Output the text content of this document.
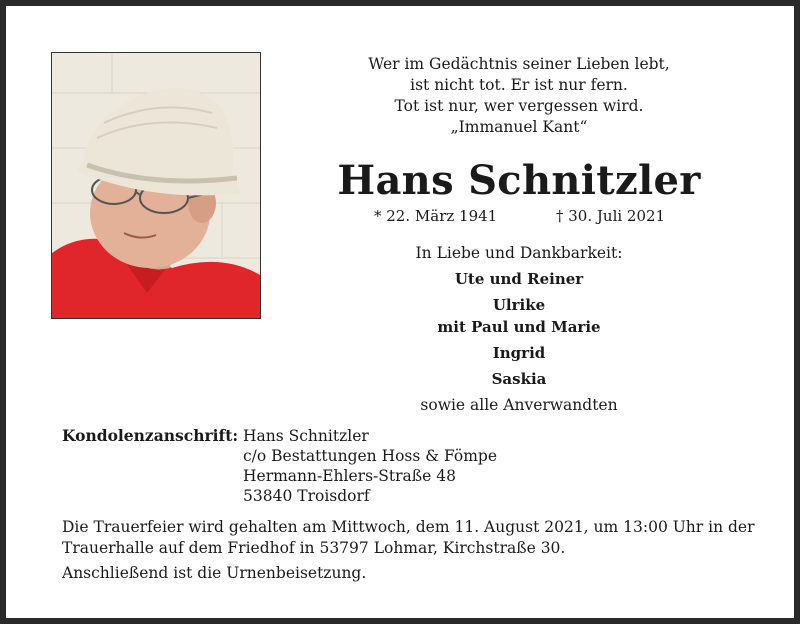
Wer im Gedächtnis seiner Lieben lebt,
ist nicht tot. Er ist nur fern.
Tot ist nur, wer vergessen wird.
„Immanuel Kant“
Hans Schnitzler
* 22. März 1941	† 30. Juli 2021
In Liebe und Dankbarkeit:
Ute und Reiner
Ulrike
mit Paul und Marie
Ingrid
Saskia
sowie alle Anverwandten
Kondolenzanschrift: Hans Schnitzler
c/o Bestattungen Hoss & Fömpe
Hermann-Ehlers-Straße 48
53840 Troisdorf

Die Trauerfeier wird gehalten am Mittwoch, dem 11. August 2021, um 13:00 Uhr in der Trauerhalle auf dem Friedhof in 53797 Lohmar, Kirchstraße 30.

Anschließend ist die Urnenbeisetzung.
